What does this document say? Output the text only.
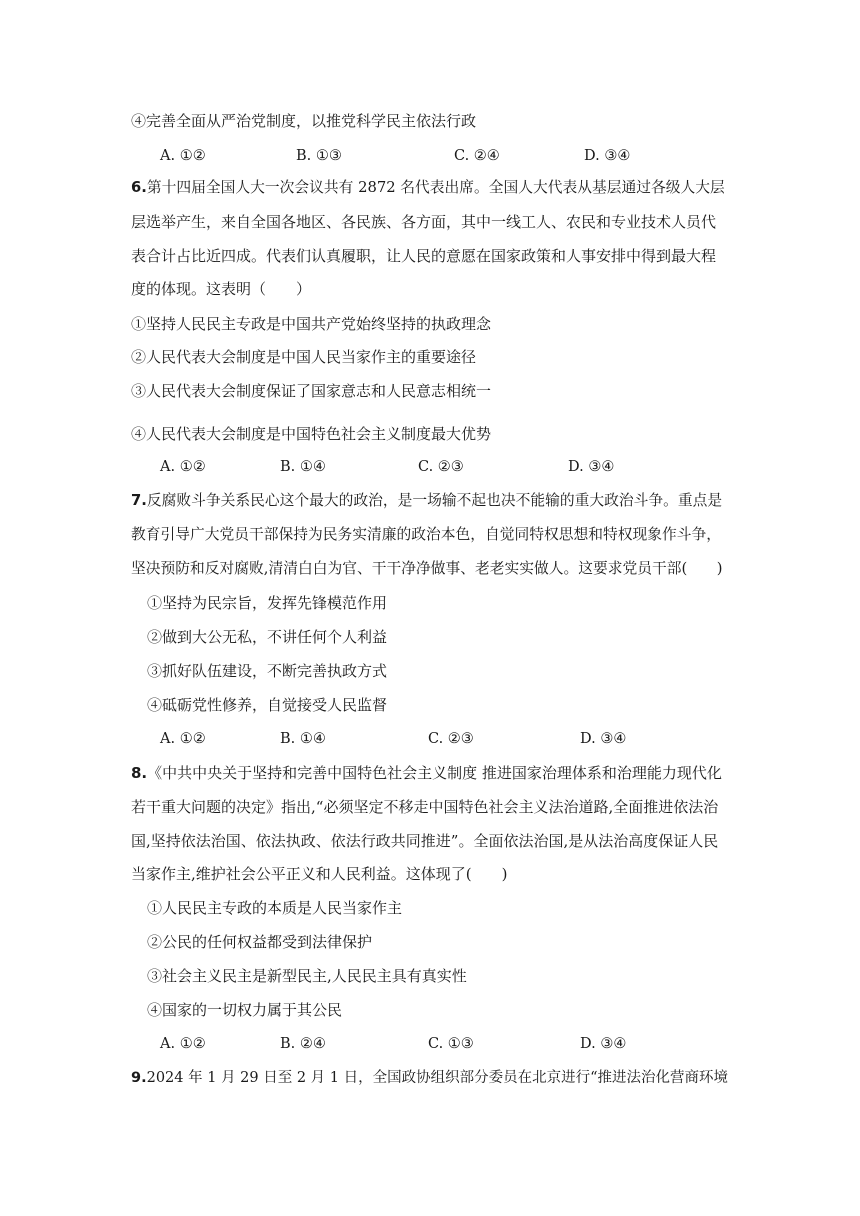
④完善全面从严治党制度，以推党科学民主依法行政
A. ①②	B. ①③	C. ②④	D. ③④
6.第十四届全国人大一次会议共有 2872 名代表出席。全国人大代表从基层通过各级人大层
层选举产生，来自全国各地区、各民族、各方面，其中一线工人、农民和专业技术人员代
表合计占比近四成。代表们认真履职，让人民的意愿在国家政策和人事安排中得到最大程
度的体现。这表明（　　）
①坚持人民民主专政是中国共产党始终坚持的执政理念
②人民代表大会制度是中国人民当家作主的重要途径
③人民代表大会制度保证了国家意志和人民意志相统一
④人民代表大会制度是中国特色社会主义制度最大优势
A. ①②	B. ①④	C. ②③	D. ③④
7.反腐败斗争关系民心这个最大的政治，是一场输不起也决不能输的重大政治斗争。重点是
教育引导广大党员干部保持为民务实清廉的政治本色，自觉同特权思想和特权现象作斗争，
坚决预防和反对腐败,清清白白为官、干干净净做事、老老实实做人。这要求党员干部(　　)
①坚持为民宗旨，发挥先锋模范作用
②做到大公无私，不讲任何个人利益
③抓好队伍建设，不断完善执政方式
④砥砺党性修养，自觉接受人民监督
A. ①②	B. ①④	C. ②③	D. ③④
8.《中共中央关于坚持和完善中国特色社会主义制度 推进国家治理体系和治理能力现代化
若干重大问题的决定》指出,“必须坚定不移走中国特色社会主义法治道路,全面推进依法治
国,坚持依法治国、依法执政、依法行政共同推进”。全面依法治国,是从法治高度保证人民
当家作主,维护社会公平正义和人民利益。这体现了(　　)
①人民民主专政的本质是人民当家作主
②公民的任何权益都受到法律保护
③社会主义民主是新型民主,人民民主具有真实性
④国家的一切权力属于其公民
A. ①②	B. ②④	C. ①③	D. ③④
9.2024 年 1 月 29 日至 2 月 1 日，全国政协组织部分委员在北京进行“推进法治化营商环境
